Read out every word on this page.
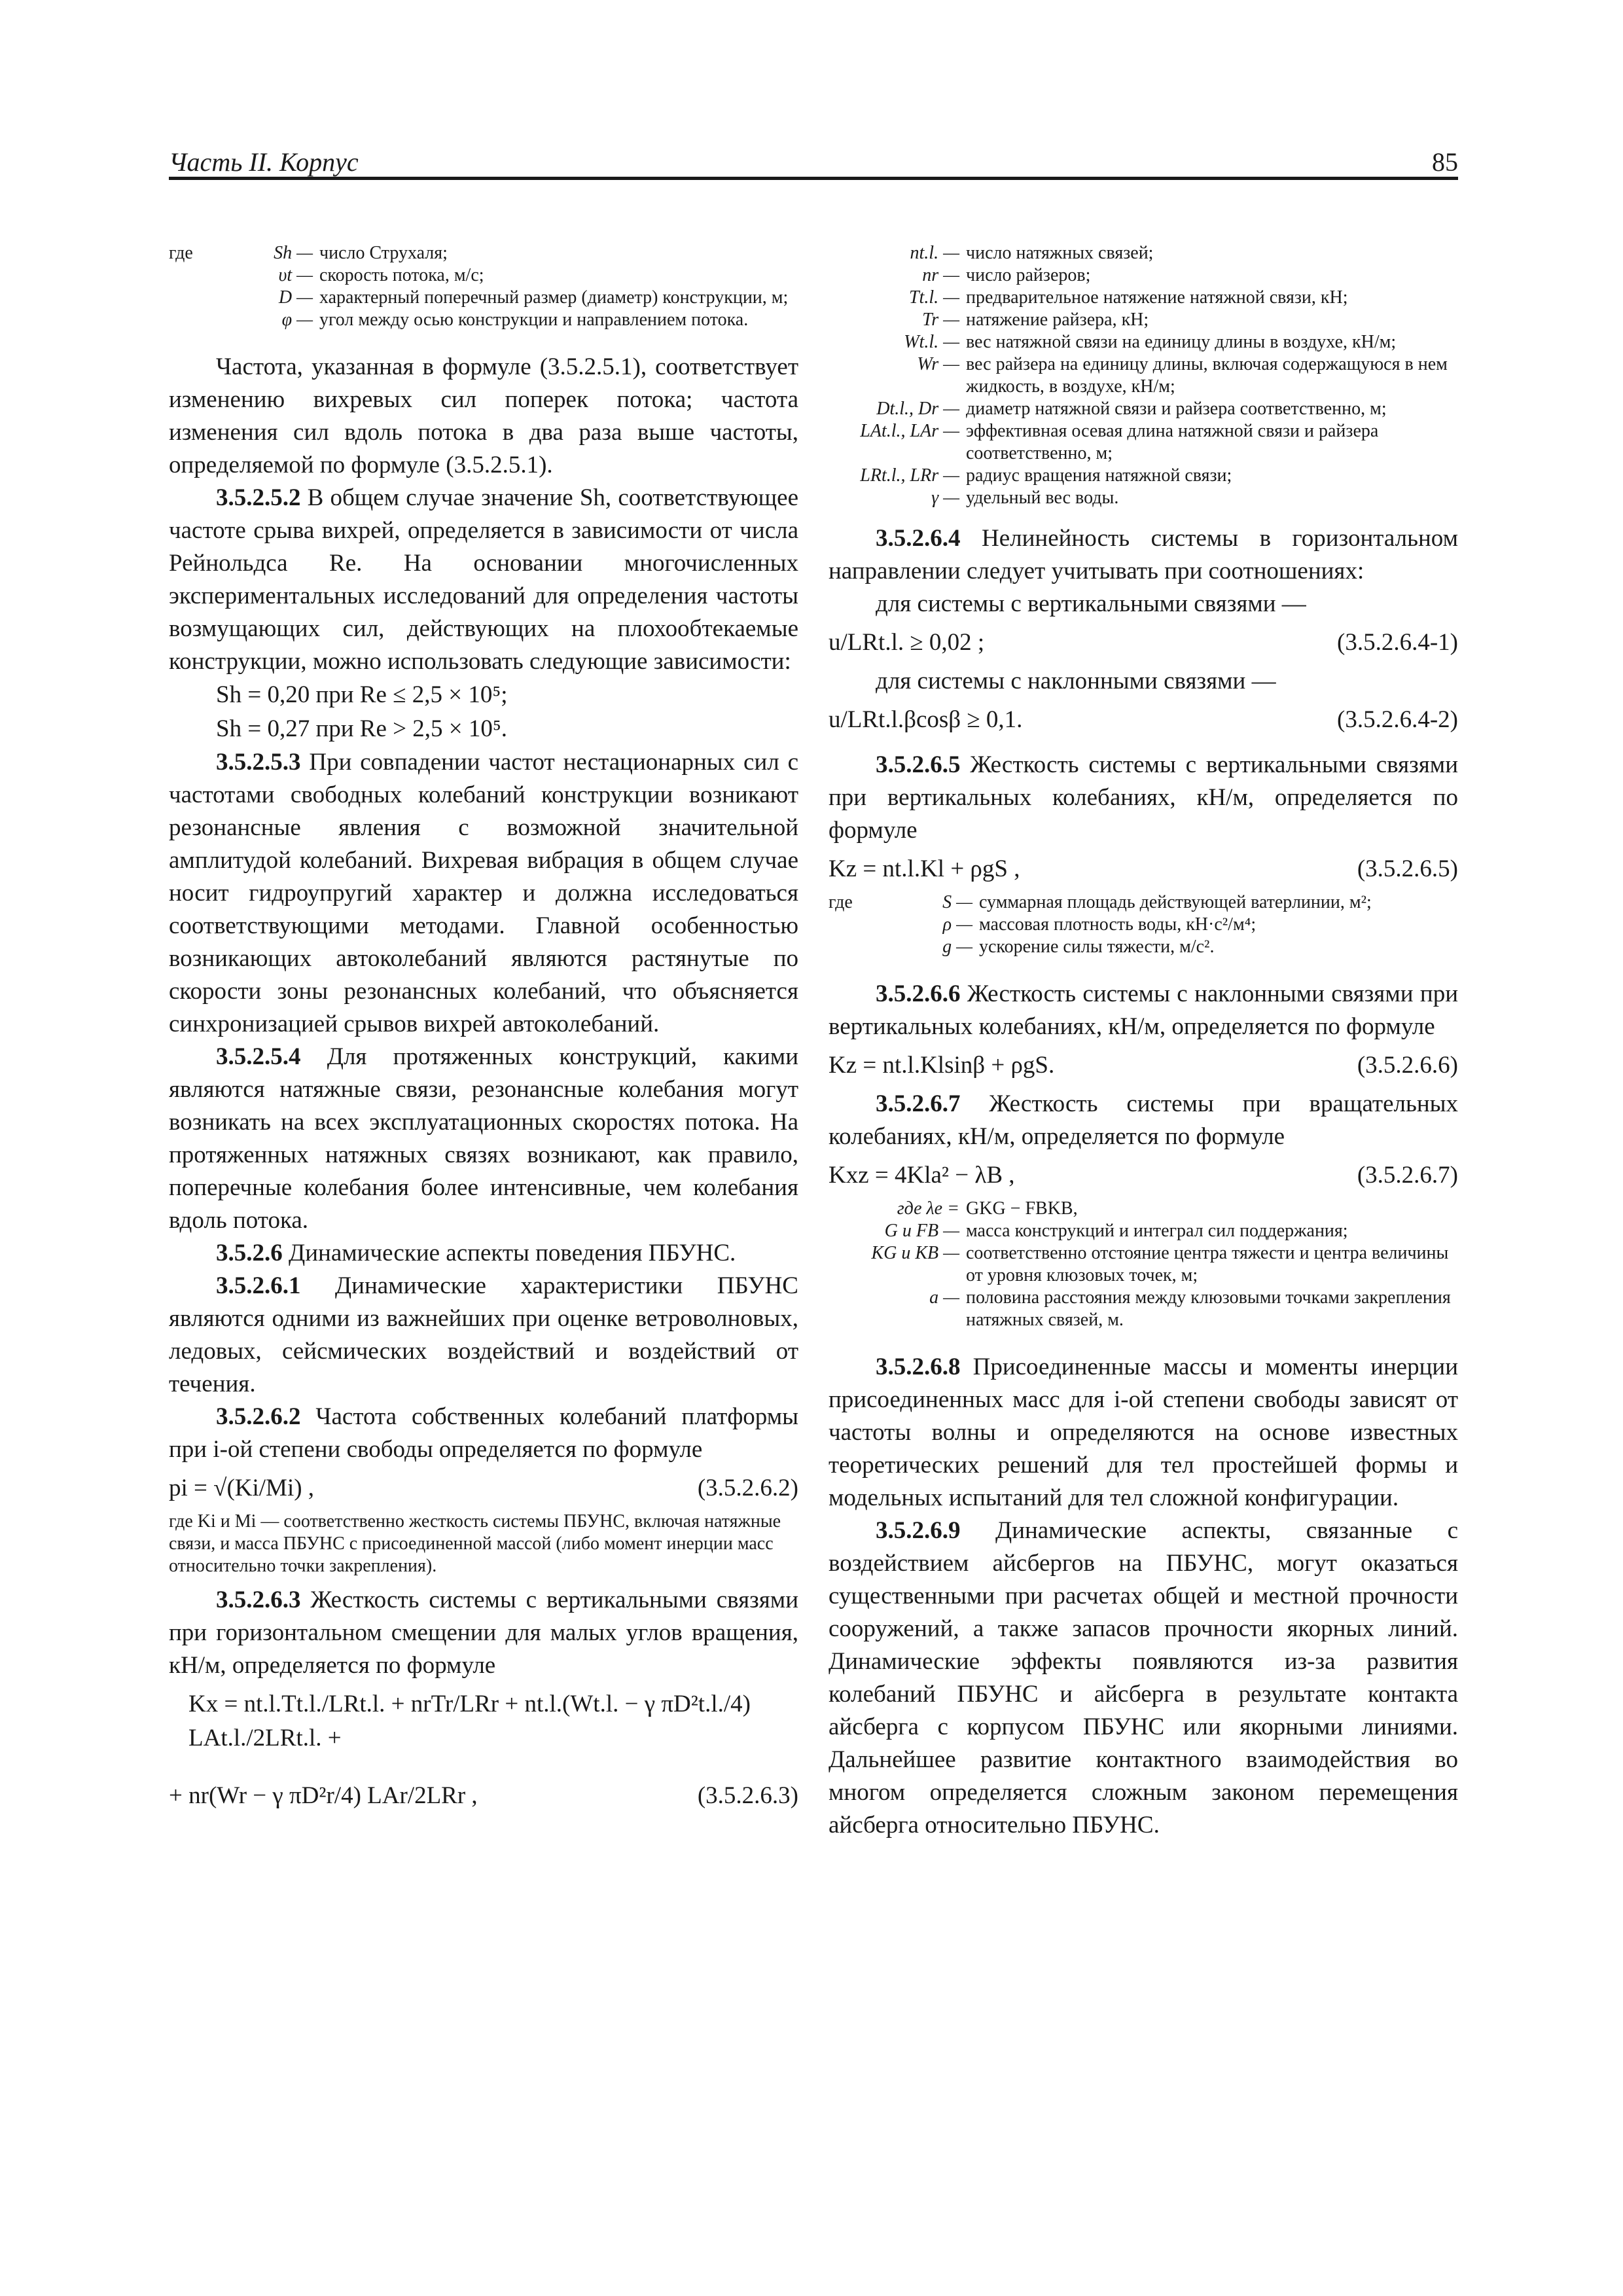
Часть II. Корпус	85
где	Sh — число Струхаля;
υt — скорость потока, м/с;
D — характерный поперечный размер (диаметр) конструкции, м;
φ — угол между осью конструкции и направлением потока.

Частота, указанная в формуле (3.5.2.5.1), соответствует изменению вихревых сил поперек потока; частота изменения сил вдоль потока в два раза выше частоты, определяемой по формуле (3.5.2.5.1).

3.5.2.5.2 В общем случае значение Sh, соответствующее частоте срыва вихрей, определяется в зависимости от числа Рейнольдса Re. На основании многочисленных экспериментальных исследований для определения частоты возмущающих сил, действующих на плохообтекаемые конструкции, можно использовать следующие зависимости:

Sh = 0,20 при Re ≤ 2,5 × 10⁵;
Sh = 0,27 при Re > 2,5 × 10⁵.

3.5.2.5.3 При совпадении частот нестационарных сил с частотами свободных колебаний конструкции возникают резонансные явления с возможной значительной амплитудой колебаний. Вихревая вибрация в общем случае носит гидроупругий характер и должна исследоваться соответствующими методами. Главной особенностью возникающих автоколебаний являются растянутые по скорости зоны резонансных колебаний, что объясняется синхронизацией срывов вихрей автоколебаний.

3.5.2.5.4 Для протяженных конструкций, какими являются натяжные связи, резонансные колебания могут возникать на всех эксплуатационных скоростях потока. На протяженных натяжных связях возникают, как правило, поперечные колебания более интенсивные, чем колебания вдоль потока.

3.5.2.6 Динамические аспекты поведения ПБУНС.

3.5.2.6.1 Динамические характеристики ПБУНС являются одними из важнейших при оценке ветроволновых, ледовых, сейсмических воздействий и воздействий от течения.

3.5.2.6.2 Частота собственных колебаний платформы при i-ой степени свободы определяется по формуле

pi = √(Ki/Mi) ,	(3.5.2.6.2)
где Ki и Mi — соответственно жесткость системы ПБУНС, включая натяжные связи, и масса ПБУНС с присоединенной массой (либо момент инерции масс относительно точки закрепления).

3.5.2.6.3 Жесткость системы с вертикальными связями при горизонтальном смещении для малых углов вращения, кН/м, определяется по формуле

Kx = nt.l.Tt.l./LRt.l. + nrTr/LRr + nt.l.(Wt.l. − γ πD²t.l./4) LAt.l./2LRt.l. +
+ nr(Wr − γ πD²r/4) LAr/2LRr ,	(3.5.2.6.3)
nt.l. — число натяжных связей;
nr — число райзеров;
Tt.l. — предварительное натяжение натяжной связи, кН;
Tr — натяжение райзера, кН;
Wt.l. — вес натяжной связи на единицу длины в воздухе, кН/м;
Wr — вес райзера на единицу длины, включая содержащуюся в нем жидкость, в воздухе, кН/м;
Dt.l., Dr — диаметр натяжной связи и райзера соответственно, м;
LAt.l., LAr — эффективная осевая длина натяжной связи и райзера соответственно, м;
LRt.l., LRr — радиус вращения натяжной связи;
γ — удельный вес воды.

3.5.2.6.4 Нелинейность системы в горизонтальном направлении следует учитывать при соотношениях:

для системы с вертикальными связями —

u/LRt.l. ≥ 0,02 ;	(3.5.2.6.4-1)

для системы с наклонными связями —

u/LRt.l.βcosβ ≥ 0,1.	(3.5.2.6.4-2)

3.5.2.6.5 Жесткость системы с вертикальными связями при вертикальных колебаниях, кН/м, определяется по формуле

Kz = nt.l.Kl + ρgS ,	(3.5.2.6.5)
где	S — суммарная площадь действующей ватерлинии, м²;
ρ — массовая плотность воды, кН·с²/м⁴;
g — ускорение силы тяжести, м/с².

3.5.2.6.6 Жесткость системы с наклонными связями при вертикальных колебаниях, кН/м, определяется по формуле

Kz = nt.l.Klsinβ + ρgS.	(3.5.2.6.6)

3.5.2.6.7 Жесткость системы при вращательных колебаниях, кН/м, определяется по формуле

Kxz = 4Kla² − λB ,	(3.5.2.6.7)
где λe = GKG − FBKB,
G и FB — масса конструкций и интеграл сил поддержания;
KG и KB — соответственно отстояние центра тяжести и центра величины от уровня клюзовых точек, м;
a — половина расстояния между клюзовыми точками закрепления натяжных связей, м.

3.5.2.6.8 Присоединенные массы и моменты инерции присоединенных масс для i-ой степени свободы зависят от частоты волны и определяются на основе известных теоретических решений для тел простейшей формы и модельных испытаний для тел сложной конфигурации.

3.5.2.6.9 Динамические аспекты, связанные с воздействием айсбергов на ПБУНС, могут оказаться существенными при расчетах общей и местной прочности сооружений, а также запасов прочности якорных линий. Динамические эффекты появляются из-за развития колебаний ПБУНС и айсберга в результате контакта айсберга с корпусом ПБУНС или якорными линиями. Дальнейшее развитие контактного взаимодействия во многом определяется сложным законом перемещения айсберга относительно ПБУНС.
